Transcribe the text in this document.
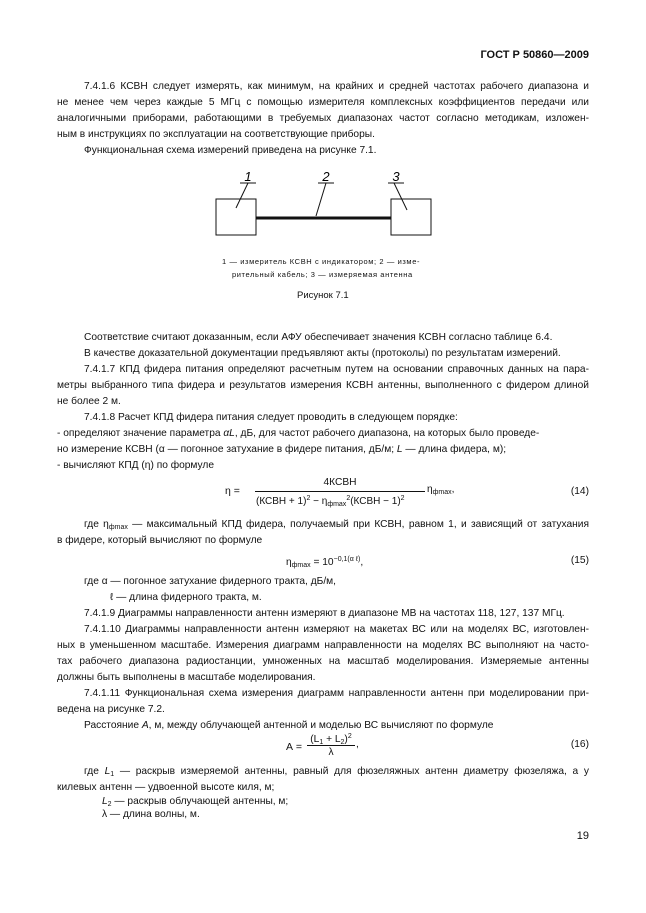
ГОСТ Р 50860—2009
7.4.1.6 КСВН следует измерять, как минимум, на крайних и средней частотах рабочего диапазона и
не менее чем через каждые 5 МГц с помощью измерителя комплексных коэффициентов передачи или
аналогичными приборами, работающими в требуемых диапазонах частот согласно методикам, изложен-
ным в инструкциях по эксплуатации на соответствующие приборы.
Функциональная схема измерений приведена на рисунке 7.1.
1	2	3
1 — измеритель КСВН с индикатором; 2 — изме-
рительный кабель; 3 — измеряемая антенна
Рисунок 7.1
Соответствие считают доказанным, если АФУ обеспечивает значения КСВН согласно таблице 6.4.
В качестве доказательной документации предъявляют акты (протоколы) по результатам измерений.
7.4.1.7 КПД фидера питания определяют расчетным путем на основании справочных данных на пара-
метры выбранного типа фидера и результатов измерения КСВН антенны, выполненного с фидером длиной
не более 2 м.
7.4.1.8 Расчет КПД фидера питания следует проводить в следующем порядке:
- определяют значение параметра αL, дБ, для частот рабочего диапазона, на которых было проведе-
но измерение КСВН (α — погонное затухание в фидере питания, дБ/м; L — длина фидера, м);
- вычисляют КПД (η) по формуле
η =
4КСВН
(КСВН + $1)^2 - \eta_{фmax}^2(КСВН - 1)^2$
$\eta_{фmax}$,	(14)
где $\eta_{фmax}$ — максимальный КПД фидера, получаемый при КСВН, равном 1, и зависящий от затухания
в фидере, который вычисляют по формуле
$\eta_{фmax} = 10^{-0,1(\alpha \ell)}$,	(15)
где α — погонное затухание фидерного тракта, дБ/м,
ℓ — длина фидерного тракта, м.
7.4.1.9 Диаграммы направленности антенн измеряют в диапазоне МВ на частотах 118, 127, 137 МГц.
7.4.1.10 Диаграммы направленности антенн измеряют на макетах ВС или на моделях ВС, изготовлен-
ных в уменьшенном масштабе. Измерения диаграмм направленности на моделях ВС выполняют на часто-
тах рабочего диапазона радиостанции, умноженных на масштаб моделирования. Измеряемые антенны
должны быть выполнены в масштабе моделирования.
7.4.1.11 Функциональная схема измерения диаграмм направленности антенн при моделировании при-
ведена на рисунке 7.2.
Расстояние А, м, между облучающей антенной и моделью ВС вычисляют по формуле
А =
$(L_1 + L_2)^2$
λ
,	(16)
где $L_1$ — раскрыв измеряемой антенны, равный для фюзеляжных антенн диаметру фюзеляжа, а у
килевых антенн — удвоенной высоте киля, м;
$L_2$ — раскрыв облучающей антенны, м;
λ — длина волны, м.
19
